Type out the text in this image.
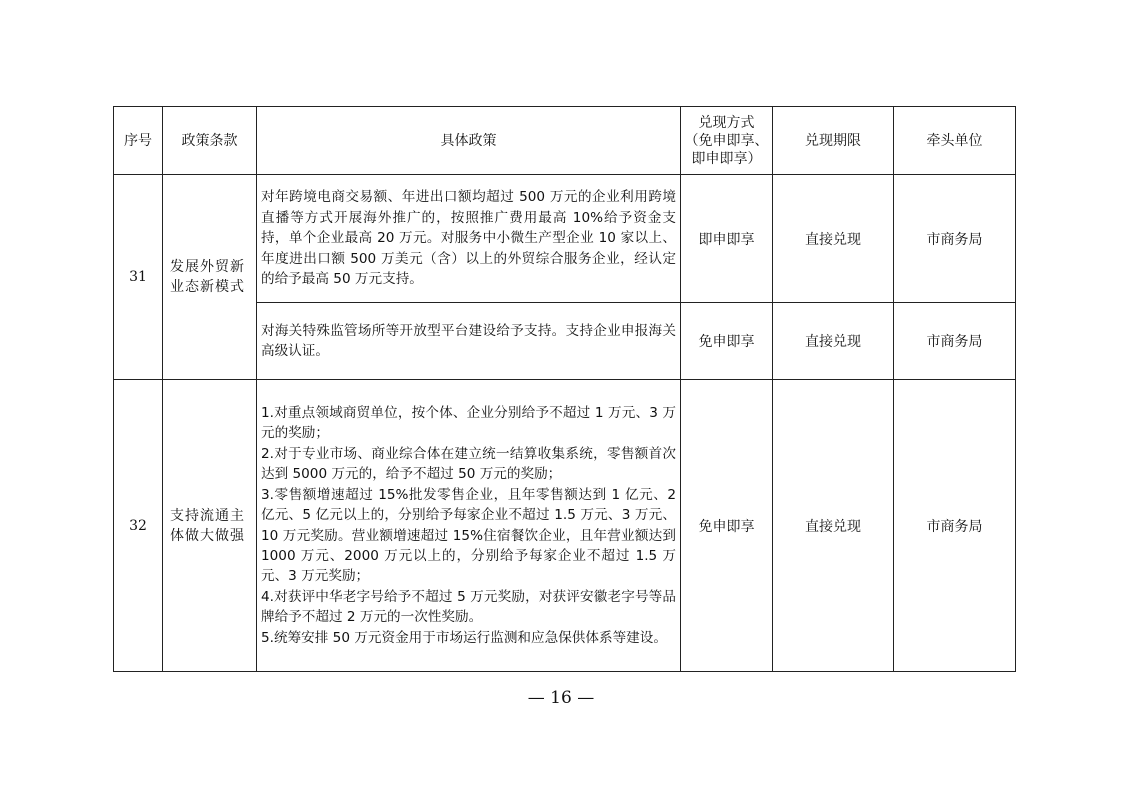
序号	政策条款	具体政策	兑现方式
（免申即享、
即申即享）	兑现期限	牵头单位
31	发展外贸新业态新模式	对年跨境电商交易额、年进出口额均超过 500 万元的企业利用跨境直播等方式开展海外推广的，按照推广费用最高 10%给予资金支持，单个企业最高 20 万元。对服务中小微生产型企业 10 家以上、年度进出口额 500 万美元（含）以上的外贸综合服务企业，经认定的给予最高 50 万元支持。	即申即享	直接兑现	市商务局
		对海关特殊监管场所等开放型平台建设给予支持。支持企业申报海关高级认证。	免申即享	直接兑现	市商务局
32	支持流通主体做大做强	1.对重点领域商贸单位，按个体、企业分别给予不超过 1 万元、3 万元的奖励；
2.对于专业市场、商业综合体在建立统一结算收集系统，零售额首次达到 5000 万元的，给予不超过 50 万元的奖励；
3.零售额增速超过 15%批发零售企业，且年零售额达到 1 亿元、2 亿元、5 亿元以上的，分别给予每家企业不超过 1.5 万元、3 万元、10 万元奖励。营业额增速超过 15%住宿餐饮企业，且年营业额达到 1000 万元、2000 万元以上的，分别给予每家企业不超过 1.5 万元、3 万元奖励；
4.对获评中华老字号给予不超过 5 万元奖励，对获评安徽老字号等品牌给予不超过 2 万元的一次性奖励。
5.统筹安排 50 万元资金用于市场运行监测和应急保供体系等建设。	免申即享	直接兑现	市商务局
— 16 —
